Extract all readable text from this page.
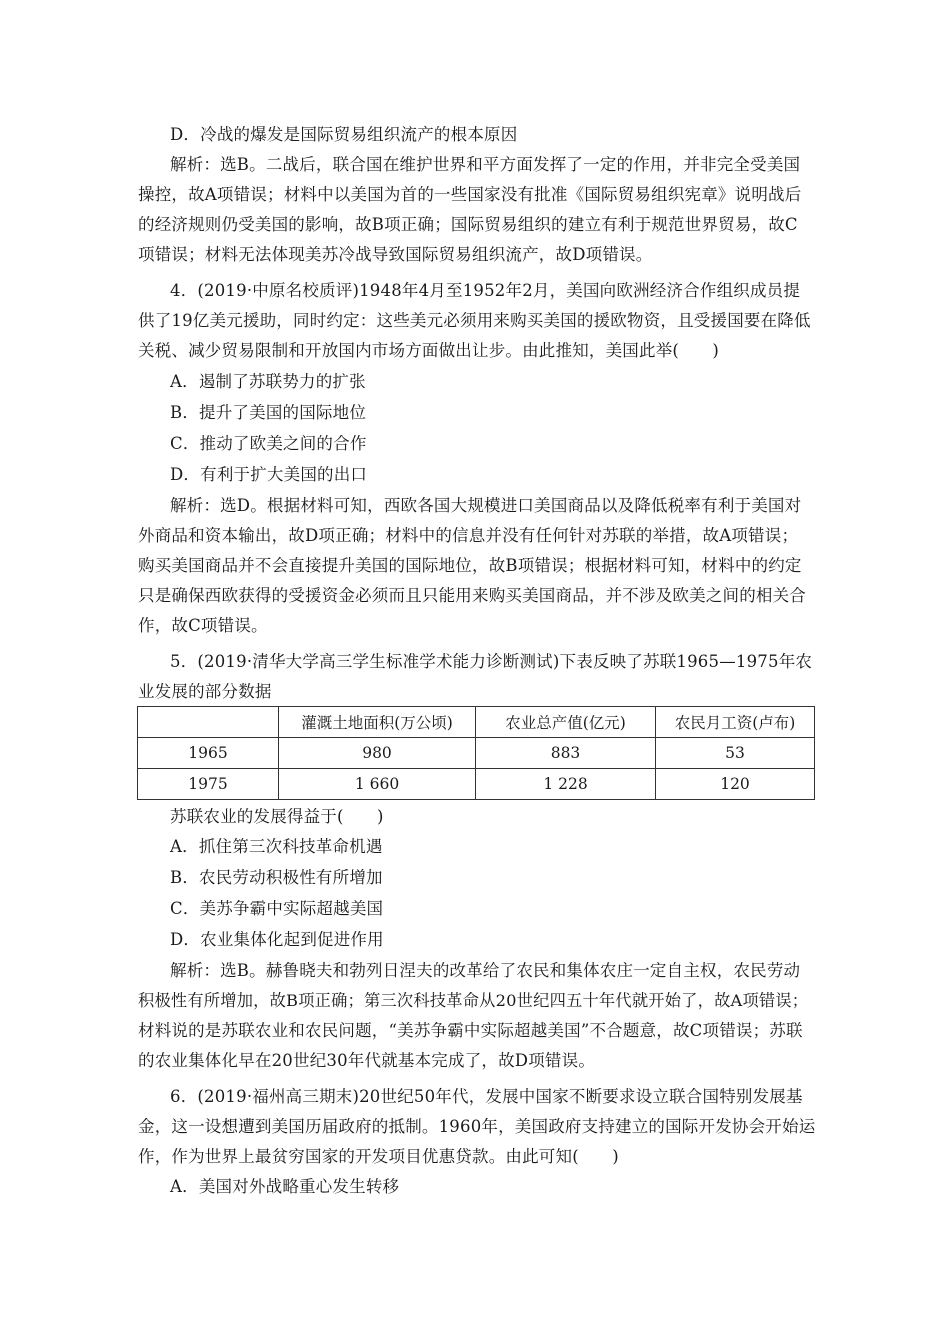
D．冷战的爆发是国际贸易组织流产的根本原因
解析：选B。二战后，联合国在维护世界和平方面发挥了一定的作用，并非完全受美国
操控，故A项错误；材料中以美国为首的一些国家没有批准《国际贸易组织宪章》说明战后
的经济规则仍受美国的影响，故B项正确；国际贸易组织的建立有利于规范世界贸易，故C
项错误；材料无法体现美苏冷战导致国际贸易组织流产，故D项错误。
4．(2019·中原名校质评)1948年4月至1952年2月，美国向欧洲经济合作组织成员提
供了19亿美元援助，同时约定：这些美元必须用来购买美国的援欧物资，且受援国要在降低
关税、减少贸易限制和开放国内市场方面做出让步。由此推知，美国此举(　　)
A．遏制了苏联势力的扩张
B．提升了美国的国际地位
C．推动了欧美之间的合作
D．有利于扩大美国的出口
解析：选D。根据材料可知，西欧各国大规模进口美国商品以及降低税率有利于美国对
外商品和资本输出，故D项正确；材料中的信息并没有任何针对苏联的举措，故A项错误；
购买美国商品并不会直接提升美国的国际地位，故B项错误；根据材料可知，材料中的约定
只是确保西欧获得的受援资金必须而且只能用来购买美国商品，并不涉及欧美之间的相关合
作，故C项错误。
5．(2019·清华大学高三学生标准学术能力诊断测试)下表反映了苏联1965—1975年农
业发展的部分数据
	灌溉土地面积(万公顷)	农业总产值(亿元)	农民月工资(卢布)
1965	980	883	53
1975	1 660	1 228	120
苏联农业的发展得益于(　　)
A．抓住第三次科技革命机遇
B．农民劳动积极性有所增加
C．美苏争霸中实际超越美国
D．农业集体化起到促进作用
解析：选B。赫鲁晓夫和勃列日涅夫的改革给了农民和集体农庄一定自主权，农民劳动
积极性有所增加，故B项正确；第三次科技革命从20世纪四五十年代就开始了，故A项错误；
材料说的是苏联农业和农民问题，“美苏争霸中实际超越美国”不合题意，故C项错误；苏联
的农业集体化早在20世纪30年代就基本完成了，故D项错误。
6．(2019·福州高三期末)20世纪50年代，发展中国家不断要求设立联合国特别发展基
金，这一设想遭到美国历届政府的抵制。1960年，美国政府支持建立的国际开发协会开始运
作，作为世界上最贫穷国家的开发项目优惠贷款。由此可知(　　)
A．美国对外战略重心发生转移
